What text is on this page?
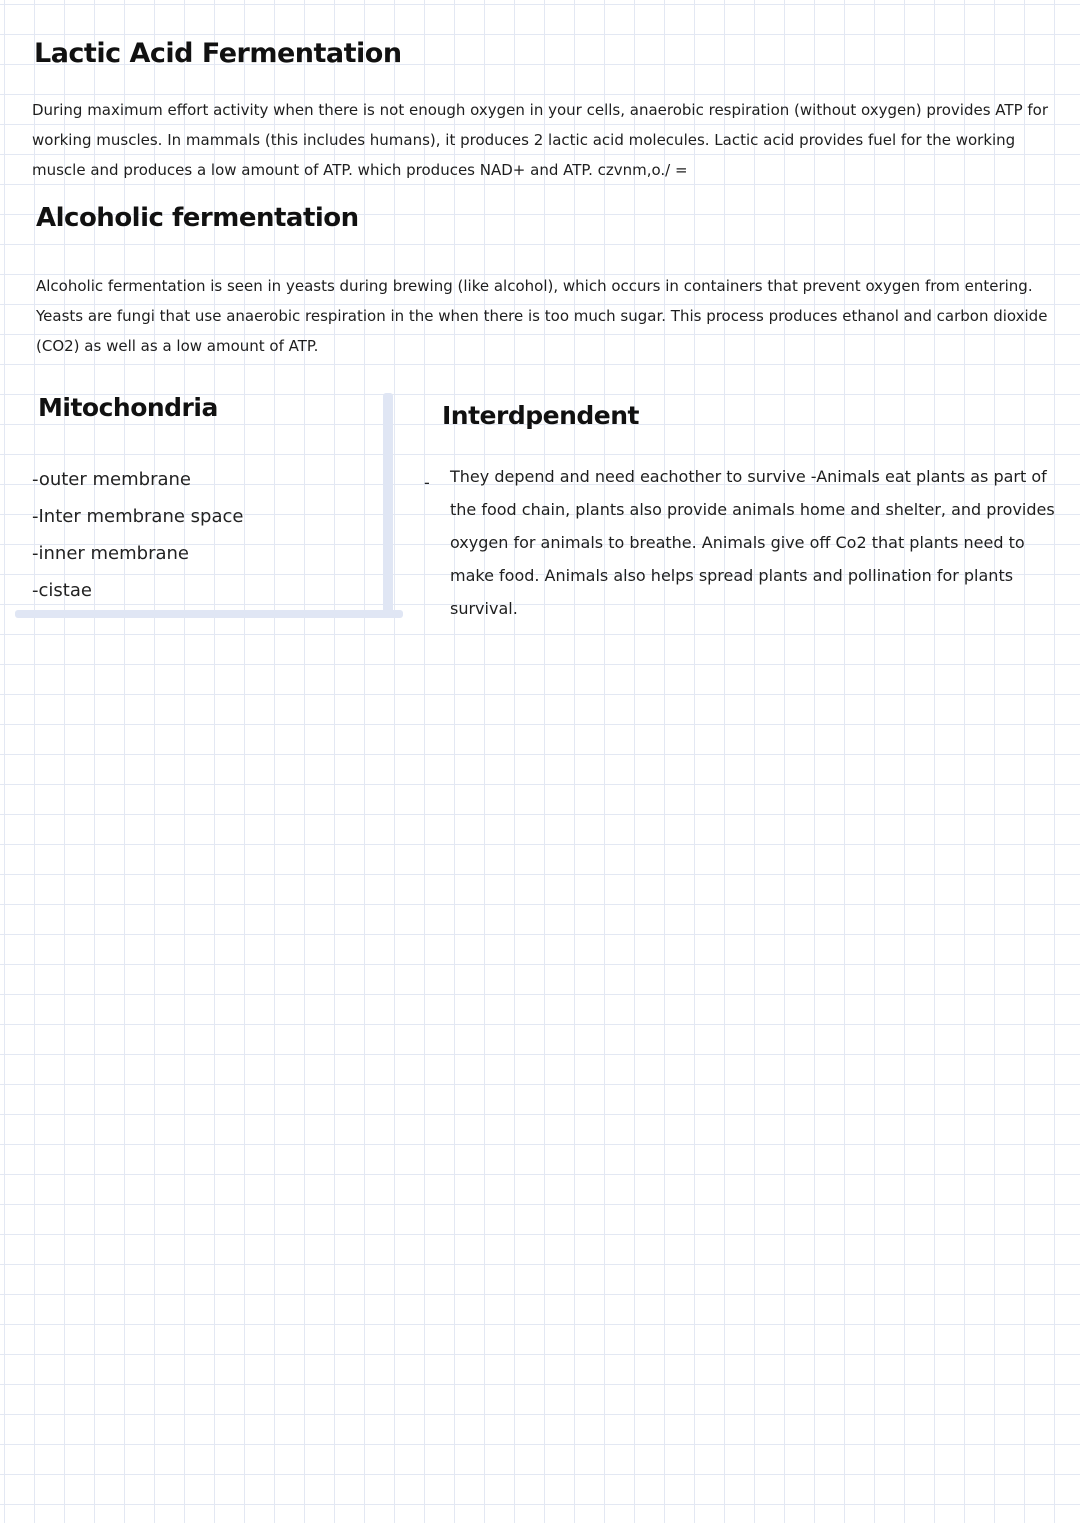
Lactic Acid Fermentation

During maximum effort activity when there is not enough oxygen in your cells, anaerobic respiration (without oxygen) provides ATP for working muscles. In mammals (this includes humans), it produces 2 lactic acid molecules. Lactic acid provides fuel for the working muscle and produces a low amount of ATP. which produces NAD+ and ATP. czvnm,o./ =

Alcoholic fermentation

Alcoholic fermentation is seen in yeasts during brewing (like alcohol), which occurs in containers that prevent oxygen from entering. Yeasts are fungi that use anaerobic respiration in the when there is too much sugar. This process produces ethanol and carbon dioxide (CO2) as well as a low amount of ATP.

Mitochondria
-outer membrane
-Inter membrane space
-inner membrane
-cistae
Interdpendent
- They depend and need eachother to survive -Animals eat plants as part of the food chain, plants also provide animals home and shelter, and provides oxygen for animals to breathe. Animals give off Co2 that plants need to make food. Animals also helps spread plants and pollination for plants survival.
